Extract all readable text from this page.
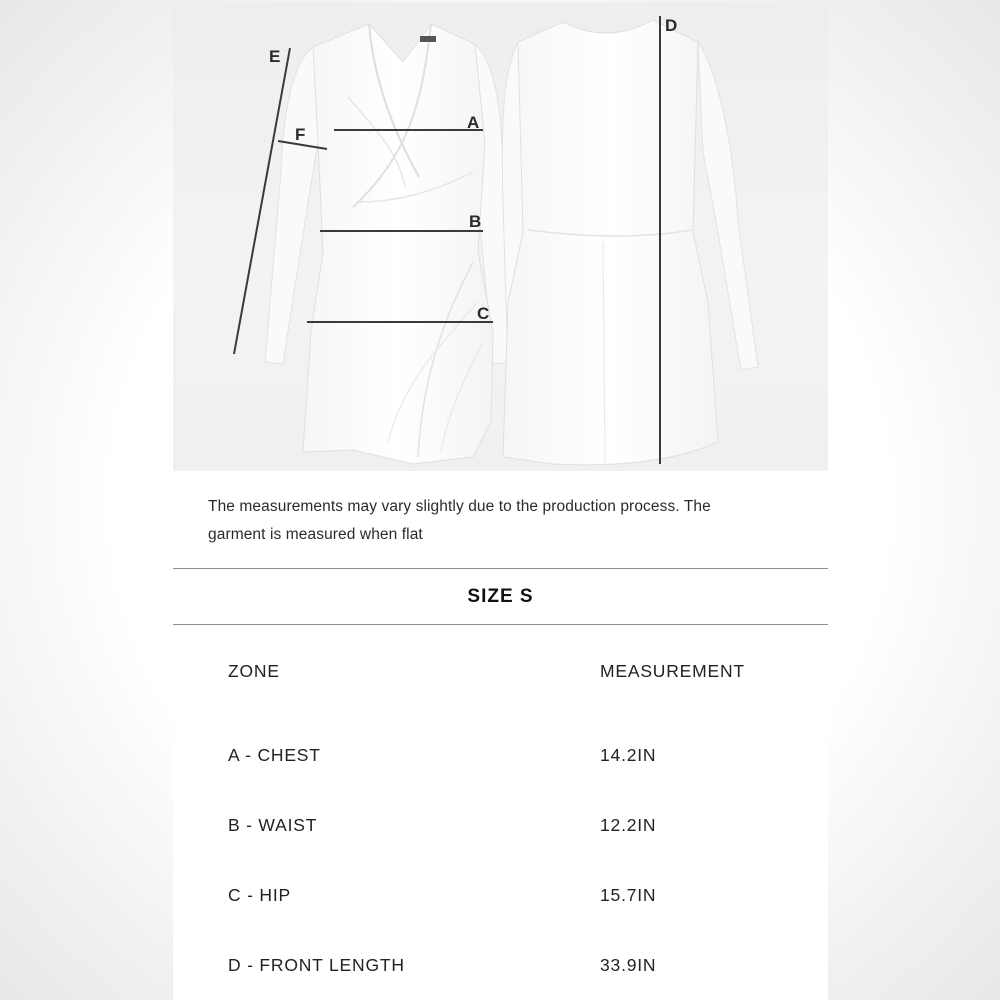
A
B
C
D
E
F
The measurements may vary slightly due to the production process. The garment is measured when flat
SIZE S
ZONE	MEASUREMENT
A - CHEST	14.2IN
B - WAIST	12.2IN
C - HIP	15.7IN
D - FRONT LENGTH	33.9IN
